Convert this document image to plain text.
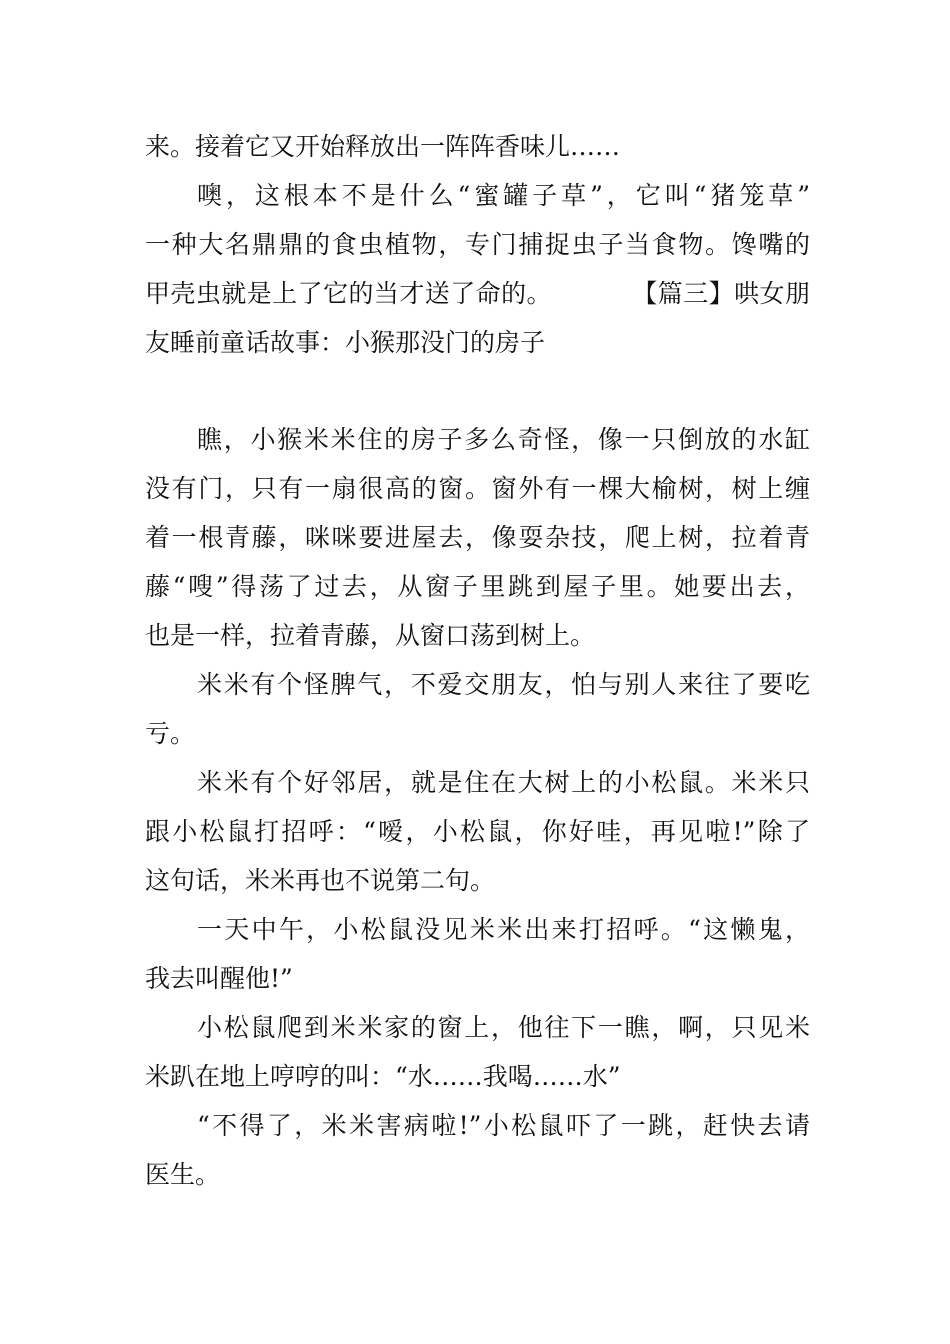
来。接着它又开始释放出一阵阵香味儿……
噢，这根本不是什么“蜜罐子草”，它叫“猪笼草”
一种大名鼎鼎的食虫植物，专门捕捉虫子当食物。馋嘴的
甲壳虫就是上了它的当才送了命的。	【篇三】哄女朋
友睡前童话故事：小猴那没门的房子
瞧，小猴米米住的房子多么奇怪，像一只倒放的水缸
没有门，只有一扇很高的窗。窗外有一棵大榆树，树上缠
着一根青藤，咪咪要进屋去，像耍杂技，爬上树，拉着青
藤“嗖”得荡了过去，从窗子里跳到屋子里。她要出去，
也是一样，拉着青藤，从窗口荡到树上。
米米有个怪脾气，不爱交朋友，怕与别人来往了要吃
亏。
米米有个好邻居，就是住在大树上的小松鼠。米米只
跟小松鼠打招呼：“嗳，小松鼠，你好哇，再见啦!”除了
这句话，米米再也不说第二句。
一天中午，小松鼠没见米米出来打招呼。“这懒鬼，
我去叫醒他!”
小松鼠爬到米米家的窗上，他往下一瞧，啊，只见米
米趴在地上哼哼的叫：“水……我喝……水”
“不得了，米米害病啦!”小松鼠吓了一跳，赶快去请
医生。
